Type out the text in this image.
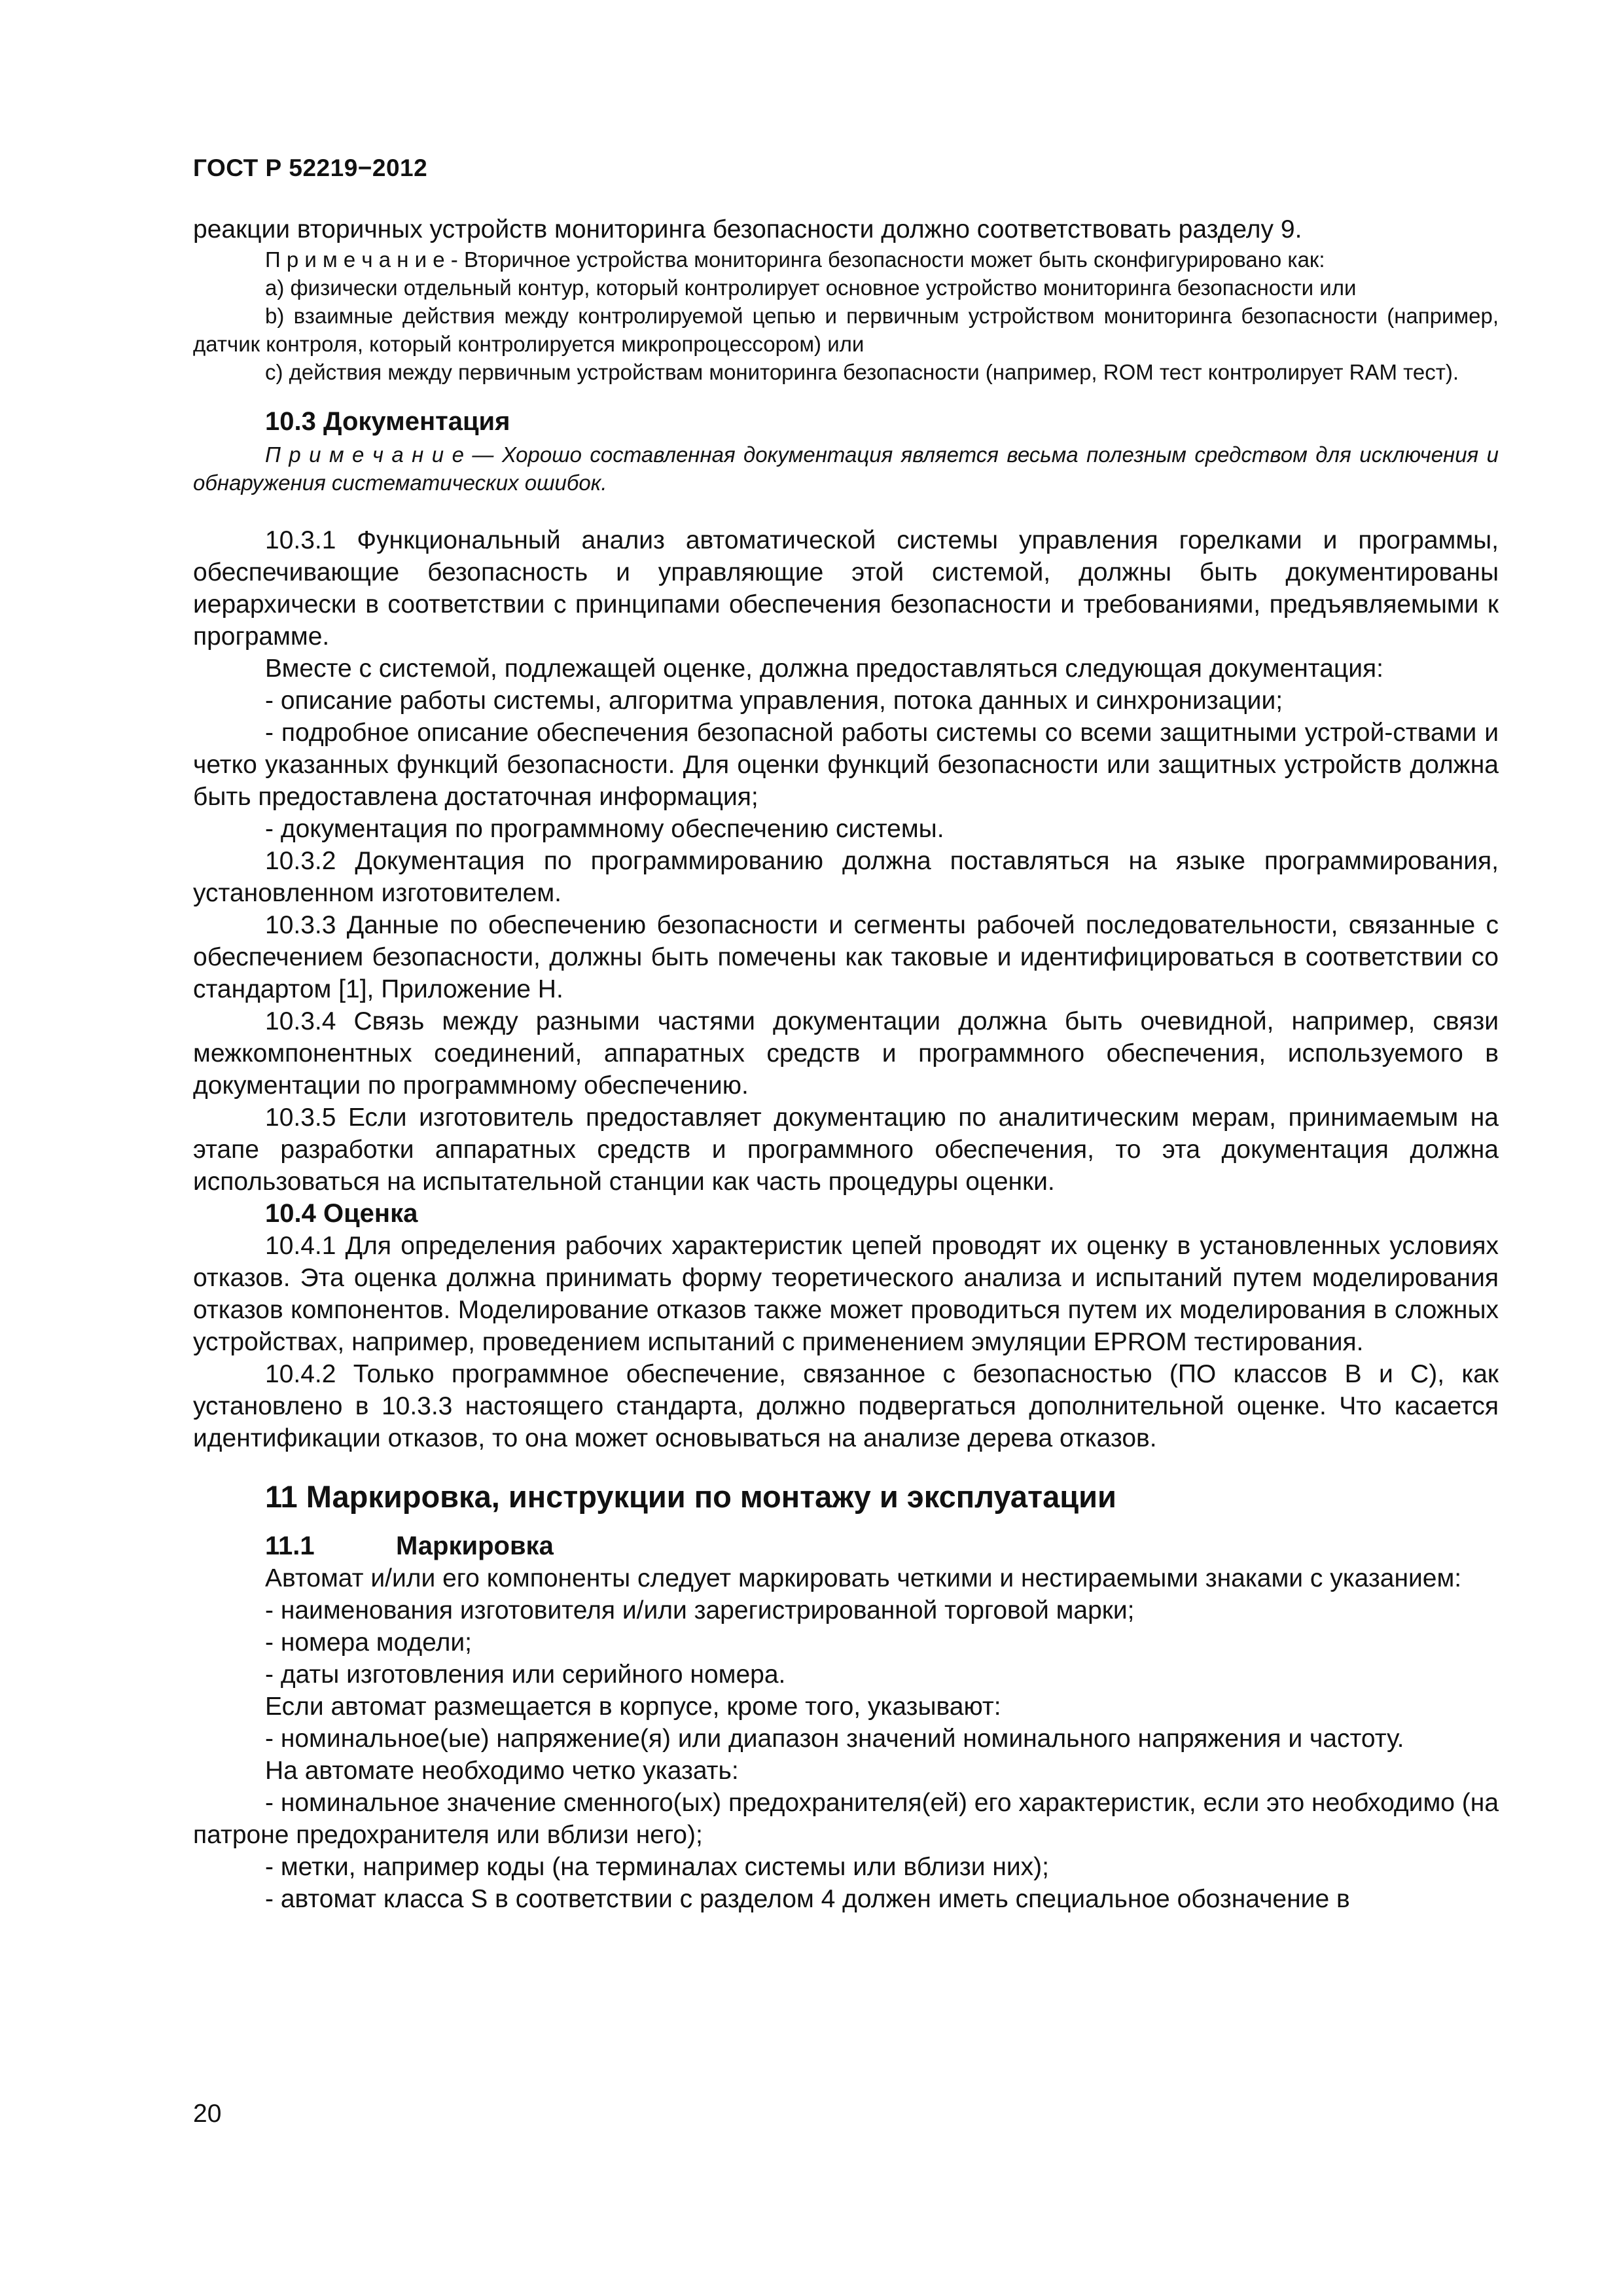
ГОСТ Р 52219−2012

реакции вторичных устройств мониторинга безопасности должно соответствовать разделу 9.

П р и м е ч а н и е - Вторичное устройства мониторинга безопасности может быть сконфигурировано как:

a) физически отдельный контур, который контролирует основное устройство мониторинга безопасности или

b) взаимные действия между контролируемой цепью и первичным устройством мониторинга безопасности (например, датчик контроля, который контролируется микропроцессором) или

c) действия между первичным устройствам мониторинга безопасности (например, ROM тест контролирует RAM тест).

10.3 Документация

П р и м е ч а н и е — Хорошо составленная документация является весьма полезным средством для исключения и обнаружения систематических ошибок.

10.3.1 Функциональный анализ автоматической системы управления горелками и программы, обеспечивающие безопасность и управляющие этой системой, должны быть документированы иерархически в соответствии с принципами обеспечения безопасности и требованиями, предъявляемыми к программе.

Вместе с системой, подлежащей оценке, должна предоставляться следующая документация:

- описание работы системы, алгоритма управления, потока данных и синхронизации;

- подробное описание обеспечения безопасной работы системы со всеми защитными устрой-ствами и четко указанных функций безопасности. Для оценки функций безопасности или защитных устройств должна быть предоставлена достаточная информация;

- документация по программному обеспечению системы.

10.3.2 Документация по программированию должна поставляться на языке программирования, установленном изготовителем.

10.3.3 Данные по обеспечению безопасности и сегменты рабочей последовательности, связанные с обеспечением безопасности, должны быть помечены как таковые и идентифицироваться в соответствии со стандартом [1], Приложение Н.

10.3.4 Связь между разными частями документации должна быть очевидной, например, связи межкомпонентных соединений, аппаратных средств и программного обеспечения, используемого в документации по программному обеспечению.

10.3.5 Если изготовитель предоставляет документацию по аналитическим мерам, принимаемым на этапе разработки аппаратных средств и программного обеспечения, то эта документация должна использоваться на испытательной станции как часть процедуры оценки.

10.4 Оценка

10.4.1 Для определения рабочих характеристик цепей проводят их оценку в установленных условиях отказов. Эта оценка должна принимать форму теоретического анализа и испытаний путем моделирования отказов компонентов. Моделирование отказов также может проводиться путем их моделирования в сложных устройствах, например, проведением испытаний с применением эмуляции EPROM тестирования.

10.4.2 Только программное обеспечение, связанное с безопасностью (ПО классов В и С), как установлено в 10.3.3 настоящего стандарта, должно подвергаться дополнительной оценке. Что касается идентификации отказов, то она может основываться на анализе дерева отказов.

11 Маркировка, инструкции по монтажу и эксплуатации

11.1	Маркировка

Автомат и/или его компоненты следует маркировать четкими и нестираемыми знаками с указанием:

- наименования изготовителя и/или зарегистрированной торговой марки;

- номера модели;

- даты изготовления или серийного номера.

Если автомат размещается в корпусе, кроме того, указывают:

- номинальное(ые) напряжение(я) или диапазон значений номинального напряжения и частоту.

На автомате необходимо четко указать:

- номинальное значение сменного(ых) предохранителя(ей) его характеристик, если это необходимо (на патроне предохранителя или вблизи него);

- метки, например коды (на терминалах системы или вблизи них);

- автомат класса S в соответствии с разделом 4 должен иметь специальное обозначение в

20
